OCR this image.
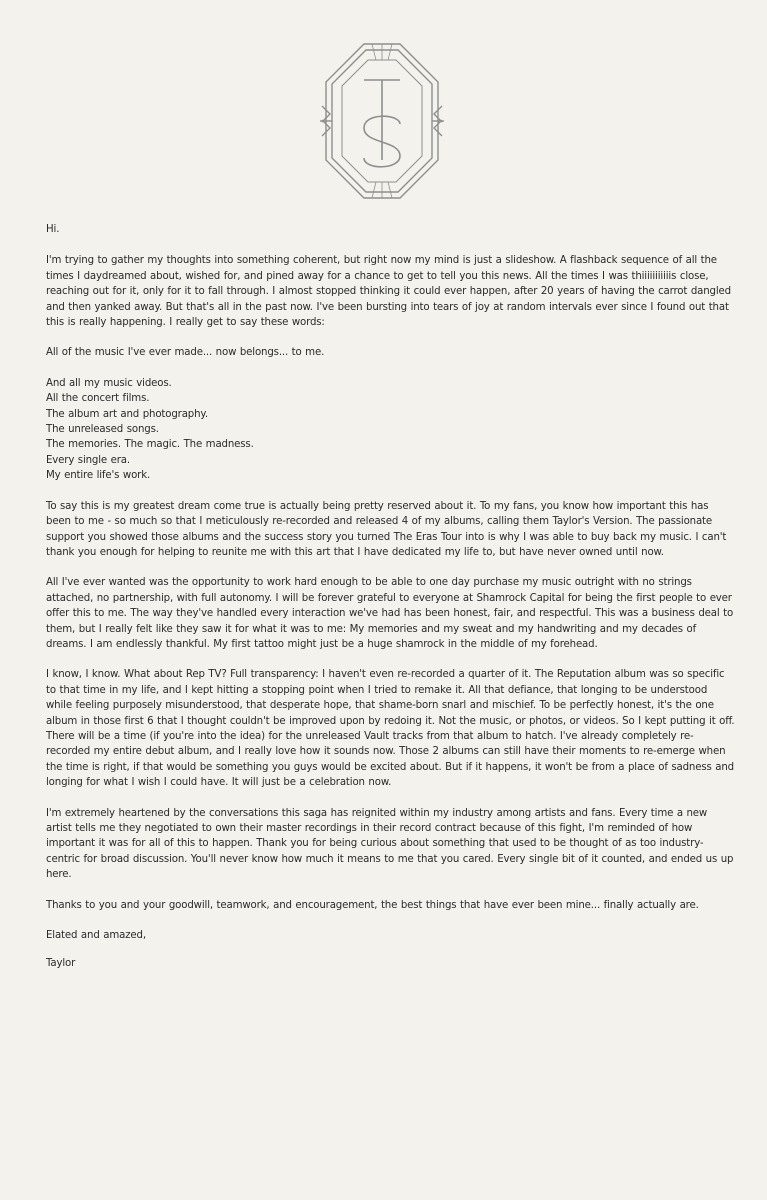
Hi.

I'm trying to gather my thoughts into something coherent, but right now my mind is just a slideshow. A flashback sequence of all the times I daydreamed about, wished for, and pined away for a chance to get to tell you this news. All the times I was thiiiiiiiiiiis close, reaching out for it, only for it to fall through. I almost stopped thinking it could ever happen, after 20 years of having the carrot dangled and then yanked away. But that's all in the past now. I've been bursting into tears of joy at random intervals ever since I found out that this is really happening. I really get to say these words:

All of the music I've ever made... now belongs... to me.

And all my music videos.

All the concert films.

The album art and photography.

The unreleased songs.

The memories. The magic. The madness.

Every single era.

My entire life's work.

To say this is my greatest dream come true is actually being pretty reserved about it. To my fans, you know how important this has been to me - so much so that I meticulously re-recorded and released 4 of my albums, calling them Taylor's Version. The passionate support you showed those albums and the success story you turned The Eras Tour into is why I was able to buy back my music. I can't thank you enough for helping to reunite me with this art that I have dedicated my life to, but have never owned until now.

All I've ever wanted was the opportunity to work hard enough to be able to one day purchase my music outright with no strings attached, no partnership, with full autonomy. I will be forever grateful to everyone at Shamrock Capital for being the first people to ever offer this to me. The way they've handled every interaction we've had has been honest, fair, and respectful. This was a business deal to them, but I really felt like they saw it for what it was to me: My memories and my sweat and my handwriting and my decades of dreams. I am endlessly thankful. My first tattoo might just be a huge shamrock in the middle of my forehead.

I know, I know. What about Rep TV? Full transparency: I haven't even re-recorded a quarter of it. The Reputation album was so specific to that time in my life, and I kept hitting a stopping point when I tried to remake it. All that defiance, that longing to be understood while feeling purposely misunderstood, that desperate hope, that shame-born snarl and mischief. To be perfectly honest, it's the one album in those first 6 that I thought couldn't be improved upon by redoing it. Not the music, or photos, or videos. So I kept putting it off. There will be a time (if you're into the idea) for the unreleased Vault tracks from that album to hatch. I've already completely re-recorded my entire debut album, and I really love how it sounds now. Those 2 albums can still have their moments to re-emerge when the time is right, if that would be something you guys would be excited about. But if it happens, it won't be from a place of sadness and longing for what I wish I could have. It will just be a celebration now.

I'm extremely heartened by the conversations this saga has reignited within my industry among artists and fans. Every time a new artist tells me they negotiated to own their master recordings in their record contract because of this fight, I'm reminded of how important it was for all of this to happen. Thank you for being curious about something that used to be thought of as too industry-centric for broad discussion. You'll never know how much it means to me that you cared. Every single bit of it counted, and ended us up here.

Thanks to you and your goodwill, teamwork, and encouragement, the best things that have ever been mine... finally actually are.

Elated and amazed,

Taylor
